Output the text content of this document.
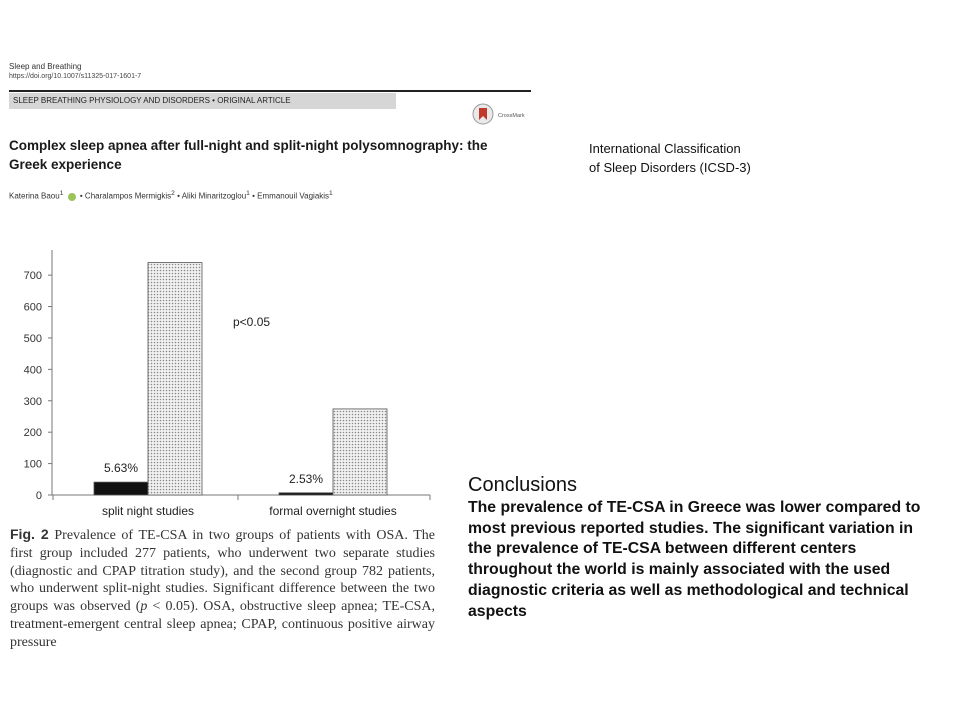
Sleep and Breathing
https://doi.org/10.1007/s11325-017-1601-7
SLEEP BREATHING PHYSIOLOGY AND DISORDERS • ORIGINAL ARTICLE
CrossMark
Complex sleep apnea after full-night and split-night polysomnography: the Greek experience
Katerina Baou$^1$ • Charalampos Mermigkis$^2$ • Aliki Minaritzoglou$^1$ • Emmanouil Vagiakis$^1$
International Classification
of Sleep Disorders (ICSD-3)
0
100
200
300
400
500
600
700
5.63%
split night studies
2.53%
formal overnight studies
p<0.05
Fig. 2 Prevalence of TE-CSA in two groups of patients with OSA. The first group included 277 patients, who underwent two separate studies (diagnostic and CPAP titration study), and the second group 782 patients, who underwent split-night studies. Significant difference between the two groups was observed (p < 0.05). OSA, obstructive sleep apnea; TE-CSA, treatment-emergent central sleep apnea; CPAP, continuous positive airway pressure
Conclusions
The prevalence of TE-CSA in Greece was lower compared to most previous reported studies. The significant variation in the prevalence of TE-CSA between different centers throughout the world is mainly associated with the used diagnostic criteria as well as methodological and technical aspects
